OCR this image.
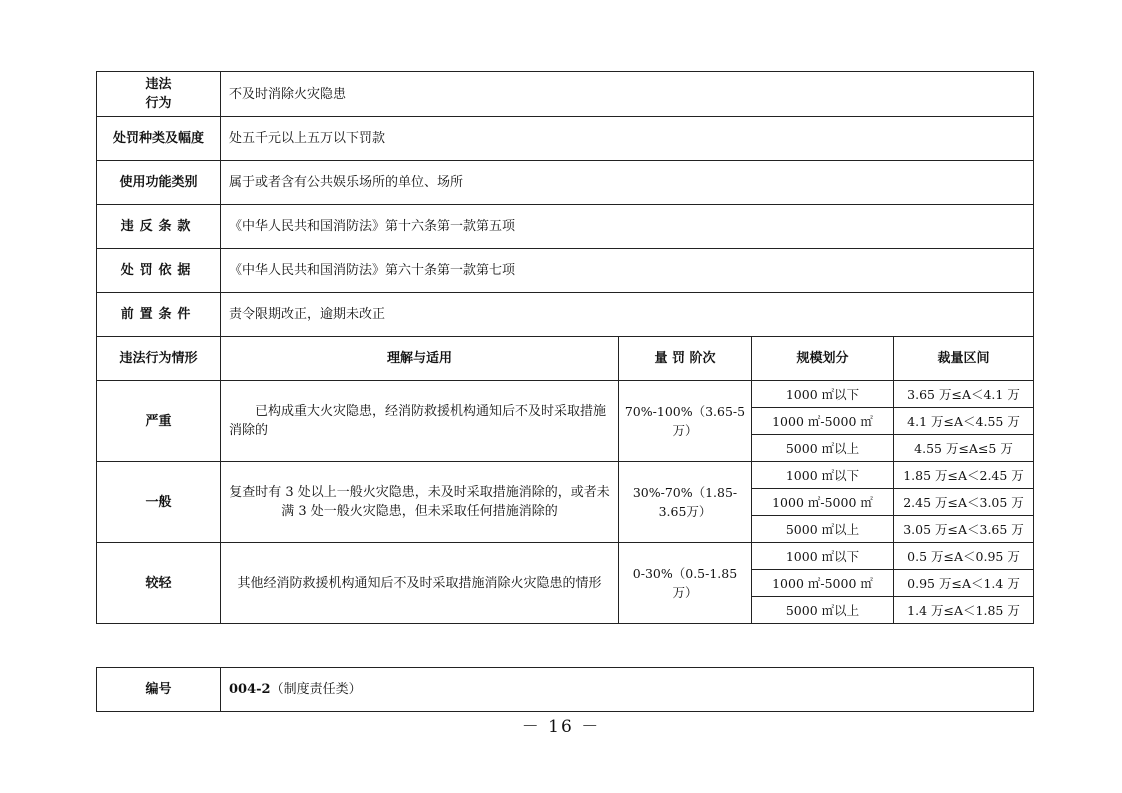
违法
行为	不及时消除火灾隐患			
处罚种类及幅度	处五千元以上五万以下罚款			
使用功能类别	属于或者含有公共娱乐场所的单位、场所			
违反条款	《中华人民共和国消防法》第十六条第一款第五项			
处罚依据	《中华人民共和国消防法》第六十条第一款第七项			
前置条件	责令限期改正，逾期未改正			
违法行为情形	理解与适用	量 罚 阶次	规模划分	裁量区间
严重	已构成重大火灾隐患，经消防救援机构通知后不及时采取措施消除的	70%-100%（3.65-5万）	1000 ㎡以下	3.65 万≤A＜4.1 万
			1000 ㎡-5000 ㎡	4.1 万≤A＜4.55 万
			5000 ㎡以上	4.55 万≤A≤5 万
一般	复查时有 3 处以上一般火灾隐患，未及时采取措施消除的，或者未满 3 处一般火灾隐患，但未采取任何措施消除的	30%-70%（1.85-3.65万）	1000 ㎡以下	1.85 万≤A＜2.45 万
			1000 ㎡-5000 ㎡	2.45 万≤A＜3.05 万
			5000 ㎡以上	3.05 万≤A＜3.65 万
较轻	其他经消防救援机构通知后不及时采取措施消除火灾隐患的情形	0-30%（0.5-1.85 万）	1000 ㎡以下	0.5 万≤A＜0.95 万
			1000 ㎡-5000 ㎡	0.95 万≤A＜1.4 万
			5000 ㎡以上	1.4 万≤A＜1.85 万
编号	004-2（制度责任类）
－ 16 －
